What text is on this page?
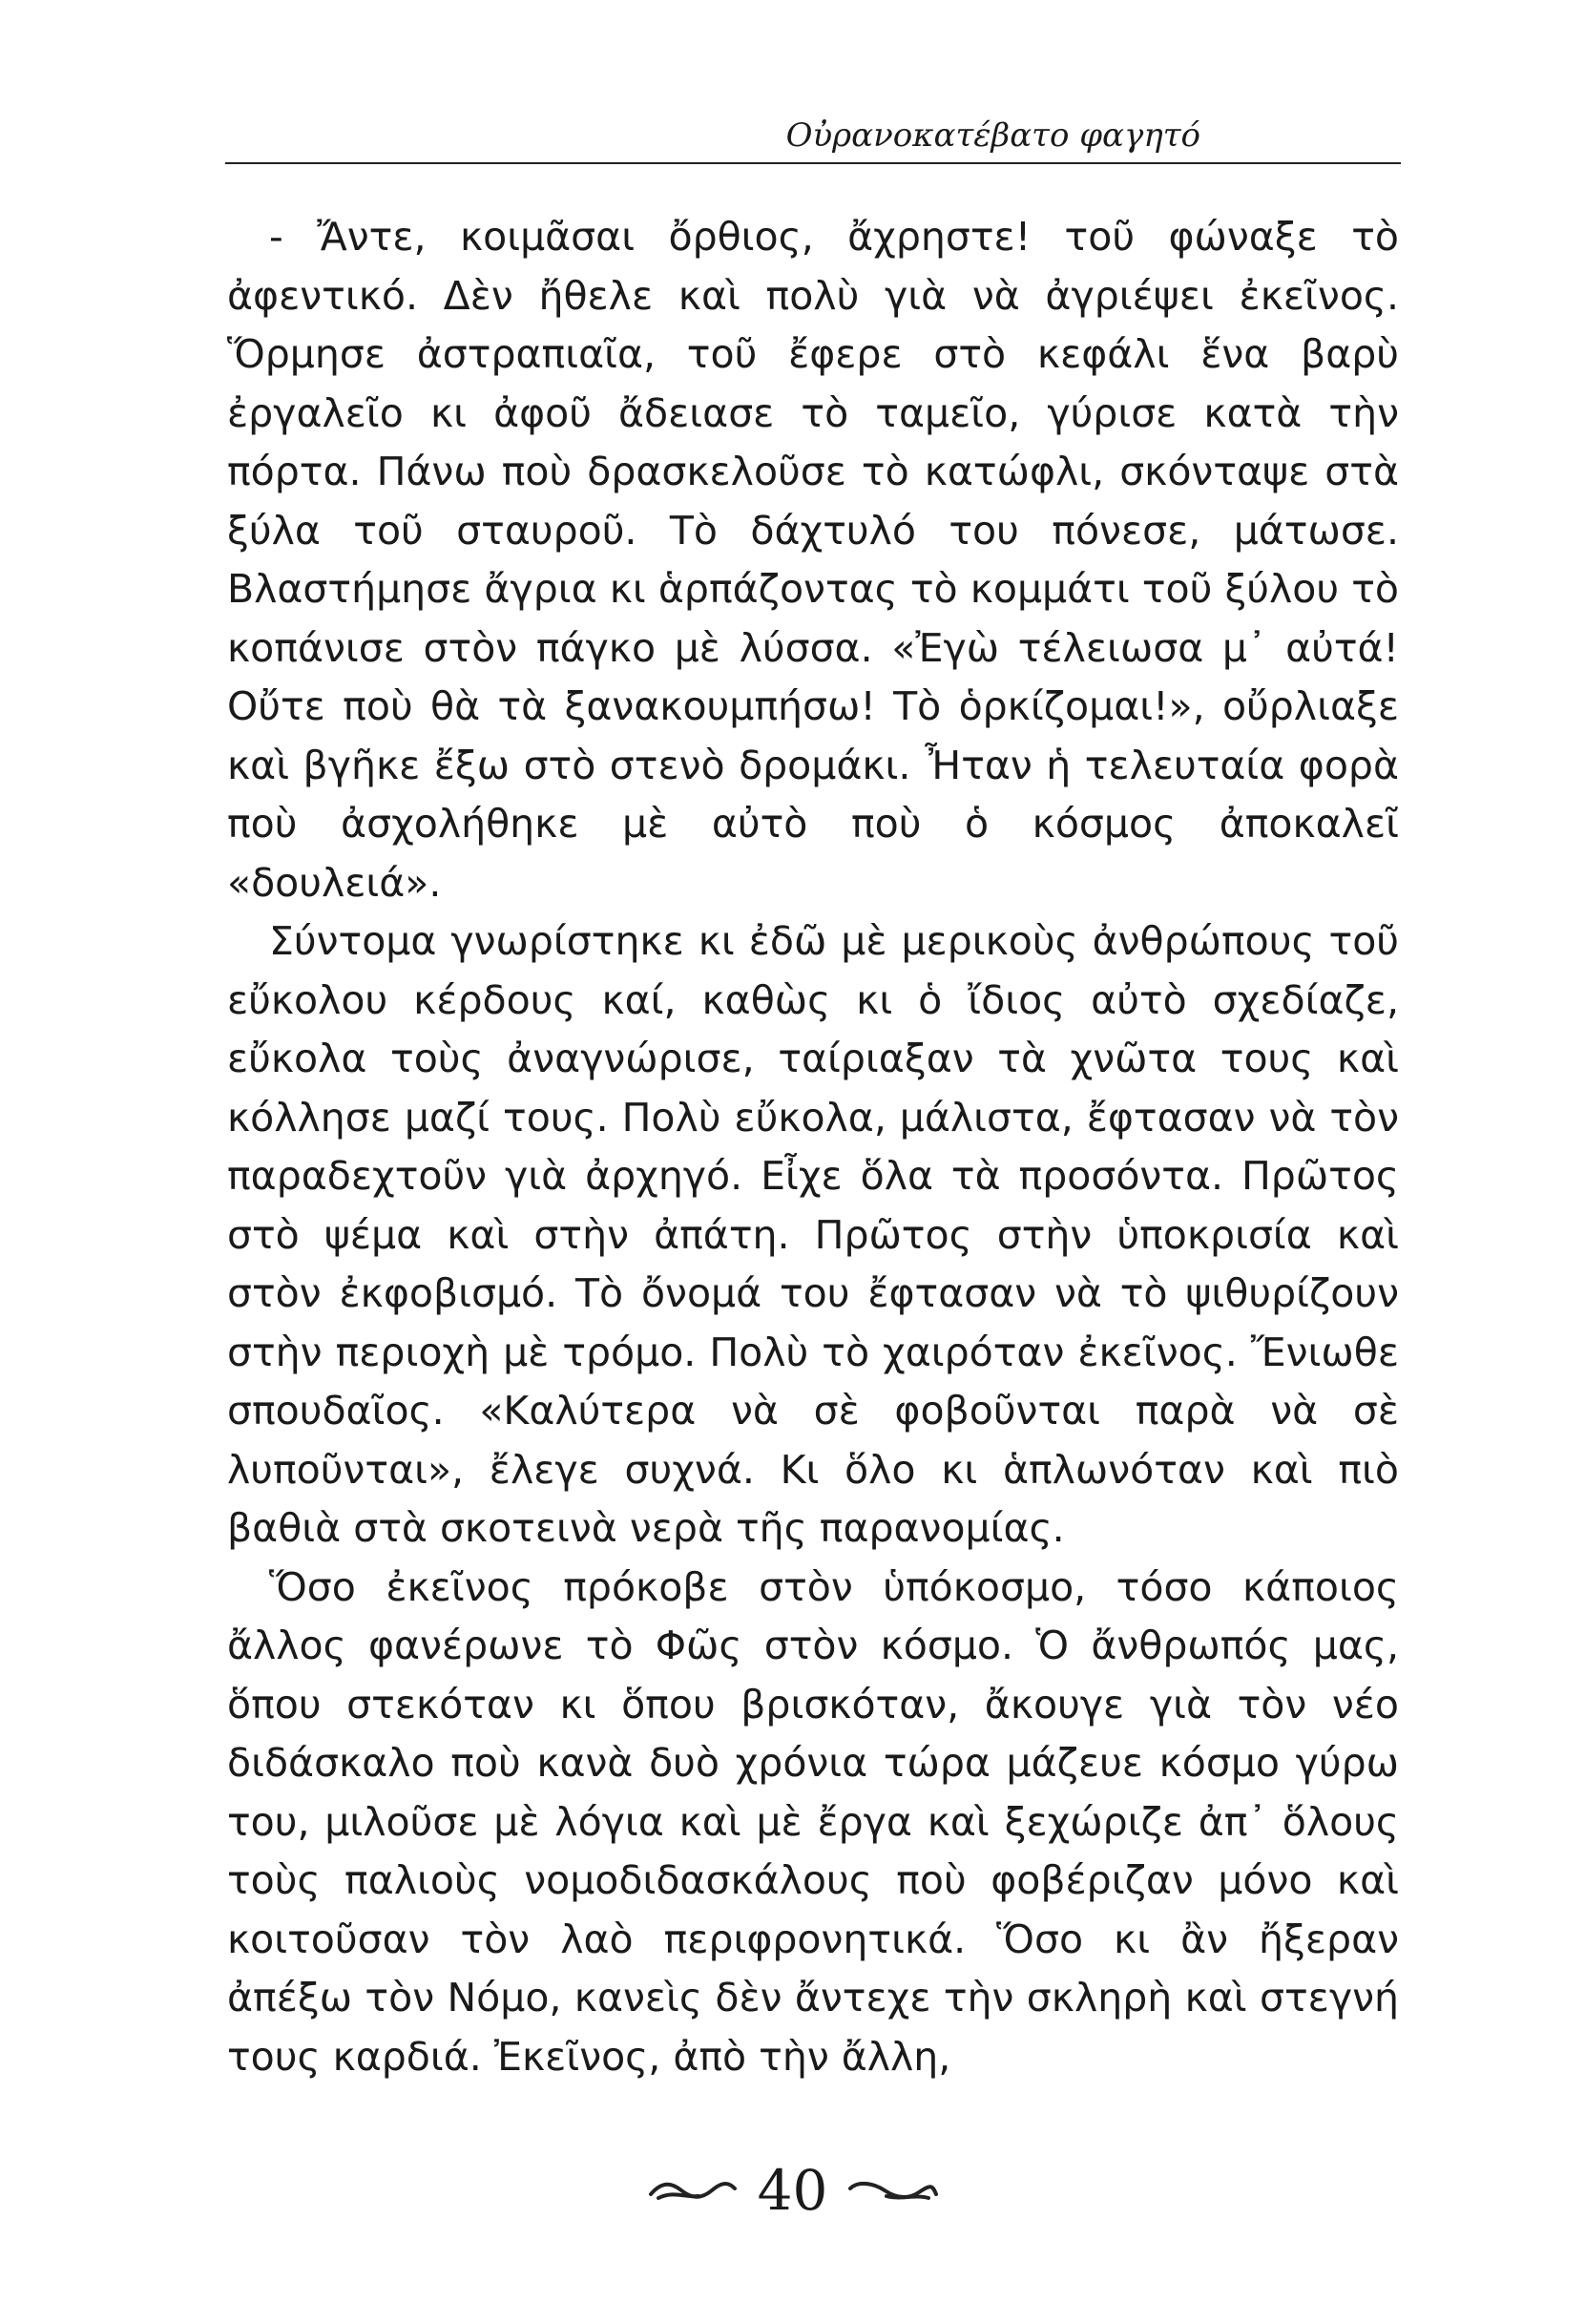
Οὐρανοκατέβατο φαγητό

- Ἄντε, κοιμᾶσαι ὄρθιος, ἄχρηστε! τοῦ φώναξε τὸ ἀφεντικό. Δὲν ἤθελε καὶ πολὺ γιὰ νὰ ἀγριέψει ἐκεῖνος. Ὅρμησε ἀστραπιαῖα, τοῦ ἔφερε στὸ κεφάλι ἕνα βαρὺ ἐργαλεῖο κι ἀφοῦ ἄδειασε τὸ ταμεῖο, γύρισε κατὰ τὴν πόρτα. Πάνω ποὺ δρασκελοῦσε τὸ κατώφλι, σκόνταψε στὰ ξύλα τοῦ σταυροῦ. Τὸ δάχτυλό του πόνεσε, μάτωσε. Βλαστήμησε ἄγρια κι ἁρπάζοντας τὸ κομμάτι τοῦ ξύλου τὸ κοπάνισε στὸν πάγκο μὲ λύσσα. «Ἐγὼ τέλειωσα μ᾿ αὐτά! Οὔτε ποὺ θὰ τὰ ξανακουμπήσω! Τὸ ὁρκίζομαι!», οὔρλιαξε καὶ βγῆκε ἔξω στὸ στενὸ δρομάκι. Ἦταν ἡ τελευταία φορὰ ποὺ ἀσχολήθηκε μὲ αὐτὸ ποὺ ὁ κόσμος ἀποκαλεῖ «δουλειά».

Σύντομα γνωρίστηκε κι ἐδῶ μὲ μερικοὺς ἀνθρώπους τοῦ εὔκολου κέρδους καί, καθὼς κι ὁ ἴδιος αὐτὸ σχεδίαζε, εὔκολα τοὺς ἀναγνώρισε, ταίριαξαν τὰ χνῶτα τους καὶ κόλλησε μαζί τους. Πολὺ εὔκολα, μάλιστα, ἔφτασαν νὰ τὸν παραδεχτοῦν γιὰ ἀρχηγό. Εἶχε ὅλα τὰ προσόντα. Πρῶτος στὸ ψέμα καὶ στὴν ἀπάτη. Πρῶτος στὴν ὑποκρισία καὶ στὸν ἐκφοβισμό. Τὸ ὄνομά του ἔφτασαν νὰ τὸ ψιθυρίζουν στὴν περιοχὴ μὲ τρόμο. Πολὺ τὸ χαιρόταν ἐκεῖνος. Ἔνιωθε σπουδαῖος. «Καλύτερα νὰ σὲ φοβοῦνται παρὰ νὰ σὲ λυποῦνται», ἔλεγε συχνά. Κι ὅλο κι ἁπλωνόταν καὶ πιὸ βαθιὰ στὰ σκοτεινὰ νερὰ τῆς παρανομίας.

Ὅσο ἐκεῖνος πρόκοβε στὸν ὑπόκοσμο, τόσο κάποιος ἄλλος φανέρωνε τὸ Φῶς στὸν κόσμο. Ὁ ἄνθρωπός μας, ὅπου στεκόταν κι ὅπου βρισκόταν, ἄκουγε γιὰ τὸν νέο διδάσκαλο ποὺ κανὰ δυὸ χρόνια τώρα μάζευε κόσμο γύρω του, μιλοῦσε μὲ λόγια καὶ μὲ ἔργα καὶ ξεχώριζε ἀπ᾿ ὅλους τοὺς παλιοὺς νομοδιδασκάλους ποὺ φοβέριζαν μόνο καὶ κοιτοῦσαν τὸν λαὸ περιφρονητικά. Ὅσο κι ἂν ἤξεραν ἀπέξω τὸν Νόμο, κανεὶς δὲν ἄντεχε τὴν σκληρὴ καὶ στεγνή τους καρδιά. Ἐκεῖνος, ἀπὸ τὴν ἄλλη,

40
